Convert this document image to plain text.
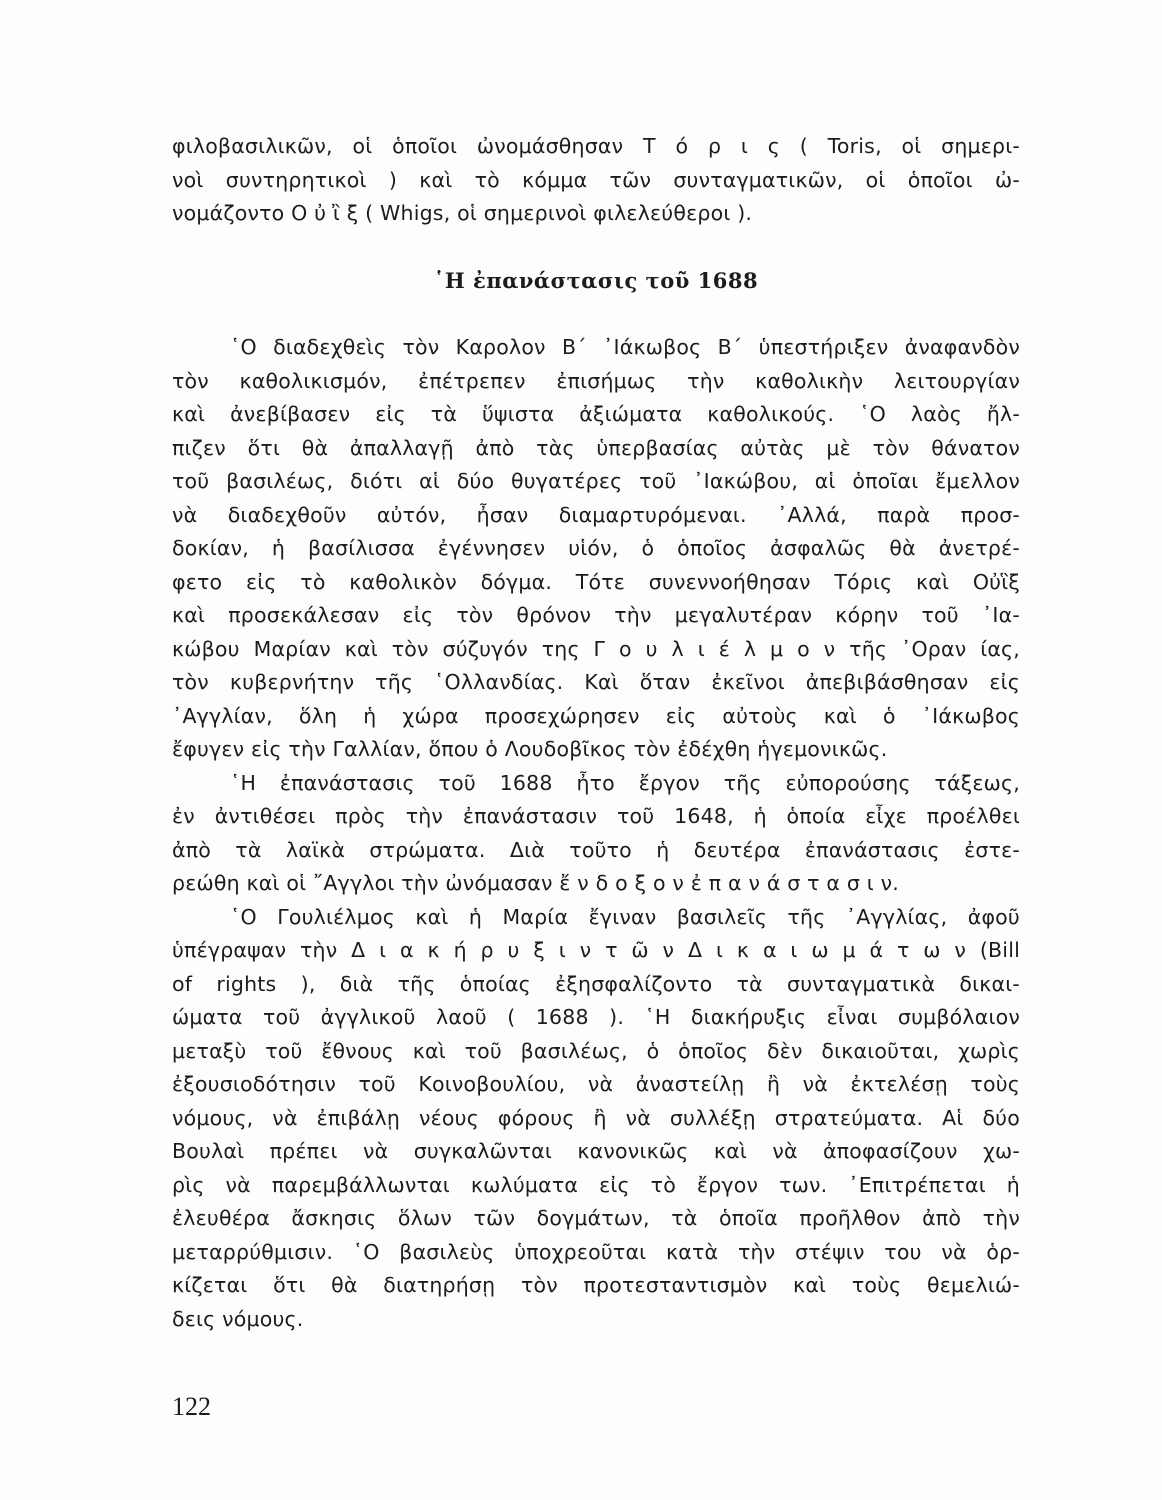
φιλοβασιλικῶν, οἱ ὁποῖοι ὠνομάσθησαν Τ ό ρ ι ς ( Toris, οἱ σημερι-
νοὶ συντηρητικοὶ ) καὶ τὸ κόμμα τῶν συνταγματικῶν, οἱ ὁποῖοι ὠ-
νομάζοντο Ο ὐ ἲ ξ ( Whigs, οἱ σημερινοὶ φιλελεύθεροι ).
῾Η ἐπανάστασις τοῦ 1688
῾Ο διαδεχθεὶς τὸν Καρολον Β΄ ᾿Ιάκωβος Β΄ ὑπεστήριξεν ἀναφανδὸν
τὸν καθολικισμόν, ἐπέτρεπεν ἐπισήμως τὴν καθολικὴν λειτουργίαν
καὶ ἀνεβίβασεν εἰς τὰ ὕψιστα ἀξιώματα καθολικούς. ῾Ο λαὸς ἤλ-
πιζεν ὅτι θὰ ἀπαλλαγῇ ἀπὸ τὰς ὑπερβασίας αὐτὰς μὲ τὸν θάνατον
τοῦ βασιλέως, διότι αἱ δύο θυγατέρες τοῦ ᾿Ιακώβου, αἱ ὁποῖαι ἔμελλον
νὰ διαδεχθοῦν αὐτόν, ἦσαν διαμαρτυρόμεναι. ᾿Αλλά, παρὰ προσ-
δοκίαν, ἡ βασίλισσα ἐγέννησεν υἱόν, ὁ ὁποῖος ἀσφαλῶς θὰ ἀνετρέ-
φετο εἰς τὸ καθολικὸν δόγμα. Τότε συνεννοήθησαν Τόρις καὶ Οὐἳξ
καὶ προσεκάλεσαν εἰς τὸν θρόνον τὴν μεγαλυτέραν κόρην τοῦ ᾿Ια-
κώβου Μαρίαν καὶ τὸν σύζυγόν της Γ ο υ λ ι έ λ μ ο ν τῆς ᾿Οραν ίας,
τὸν κυβερνήτην τῆς ῾Ολλανδίας. Καὶ ὅταν ἐκεῖνοι ἀπεβιβάσθησαν εἰς
᾿Αγγλίαν, ὅλη ἡ χώρα προσεχώρησεν εἰς αὐτοὺς καὶ ὁ ᾿Ιάκωβος
ἔφυγεν εἰς τὴν Γαλλίαν, ὅπου ὁ Λουδοβῖκος τὸν ἐδέχθη ἡγεμονικῶς.
῾Η ἐπανάστασις τοῦ 1688 ἦτο ἔργον τῆς εὐπορούσης τάξεως,
ἐν ἀντιθέσει πρὸς τὴν ἐπανάστασιν τοῦ 1648, ἡ ὁποία εἶχε προέλθει
ἀπὸ τὰ λαϊκὰ στρώματα. Διὰ τοῦτο ἡ δευτέρα ἐπανάστασις ἐστε-
ρεώθη καὶ οἱ ῎Αγγλοι τὴν ὠνόμασαν ἔ ν δ ο ξ ο ν ἐ π α ν ά σ τ α σ ι ν.
῾Ο Γουλιέλμος καὶ ἡ Μαρία ἔγιναν βασιλεῖς τῆς ᾿Αγγλίας, ἀφοῦ
ὑπέγραψαν τὴν Δ ι α κ ή ρ υ ξ ι ν τ ῶ ν Δ ι κ α ι ω μ ά τ ω ν (Bill
of rights ), διὰ τῆς ὁποίας ἐξησφαλίζοντο τὰ συνταγματικὰ δικαι-
ώματα τοῦ ἀγγλικοῦ λαοῦ ( 1688 ). ῾Η διακήρυξις εἶναι συμβόλαιον
μεταξὺ τοῦ ἔθνους καὶ τοῦ βασιλέως, ὁ ὁποῖος δὲν δικαιοῦται, χωρὶς
ἐξουσιοδότησιν τοῦ Κοινοβουλίου, νὰ ἀναστείλῃ ἢ νὰ ἐκτελέσῃ τοὺς
νόμους, νὰ ἐπιβάλῃ νέους φόρους ἢ νὰ συλλέξῃ στρατεύματα. Αἱ δύο
Βουλαὶ πρέπει νὰ συγκαλῶνται κανονικῶς καὶ νὰ ἀποφασίζουν χω-
ρὶς νὰ παρεμβάλλωνται κωλύματα εἰς τὸ ἔργον των. ᾿Επιτρέπεται ἡ
ἐλευθέρα ἄσκησις ὅλων τῶν δογμάτων, τὰ ὁποῖα προῆλθον ἀπὸ τὴν
μεταρρύθμισιν. ῾Ο βασιλεὺς ὑποχρεοῦται κατὰ τὴν στέψιν του νὰ ὁρ-
κίζεται ὅτι θὰ διατηρήσῃ τὸν προτεσταντισμὸν καὶ τοὺς θεμελιώ-
δεις νόμους.
122
